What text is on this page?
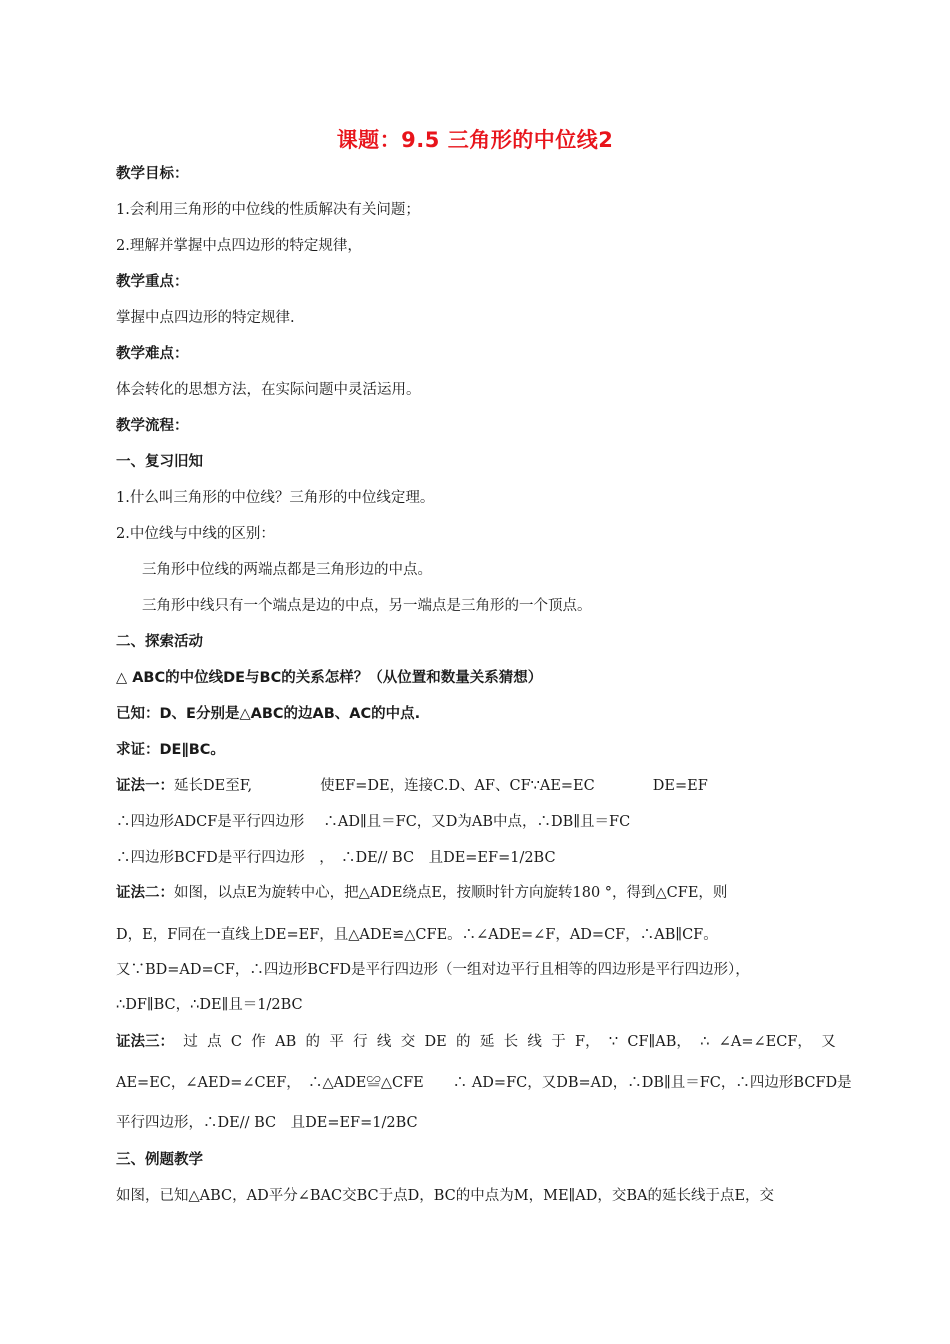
课题：9.5 三角形的中位线2
教学目标：
1.会利用三角形的中位线的性质解决有关问题；
2.理解并掌握中点四边形的特定规律，
教学重点：
掌握中点四边形的特定规律.
教学难点：
体会转化的思想方法，在实际问题中灵活运用。
教学流程：
一、复习旧知
1.什么叫三角形的中位线？三角形的中位线定理。
2.中位线与中线的区别：
三角形中位线的两端点都是三角形边的中点。
三角形中线只有一个端点是边的中点，另一端点是三角形的一个顶点。
二、探索活动
△ ABC的中位线DE与BC的关系怎样？（从位置和数量关系猜想）
已知：D、E分别是△ABC的边AB、AC的中点.
求证：DE∥BC。
证法一：延长DE至F,	使EF=DE，连接C.D、AF、CF∵AE=EC	DE=EF
∴四边形ADCF是平行四边形　 ∴AD∥且＝FC，又D为AB中点，∴DB∥且＝FC
∴四边形BCFD是平行四边形　，　∴DE// BC　且DE=EF=1/2BC
证法二：如图，以点E为旋转中心，把△ADE绕点E，按顺时针方向旋转180 °，得到△CFE，则
D，E，F同在一直线上DE=EF，且△ADE≌△CFE。∴∠ADE=∠F，AD=CF，∴AB∥CF。
又∵BD=AD=CF，∴四边形BCFD是平行四边形（一组对边平行且相等的四边形是平行四边形），
∴DF∥BC，∴DE∥且＝1/2BC
证法三： 过 点 C 作 AB 的 平 行 线 交 DE 的 延 长 线 于 F， ∵ CF∥AB， ∴ ∠A=∠ECF， 又
AE=EC，∠AED=∠CEF，　∴△ADE≌△CFE　　∴ AD=FC，又DB=AD，∴DB∥且＝FC，∴四边形BCFD是
平行四边形，∴DE// BC　且DE=EF=1/2BC
三、例题教学
如图，已知△ABC，AD平分∠BAC交BC于点D，BC的中点为M，ME∥AD，交BA的延长线于点E，交
